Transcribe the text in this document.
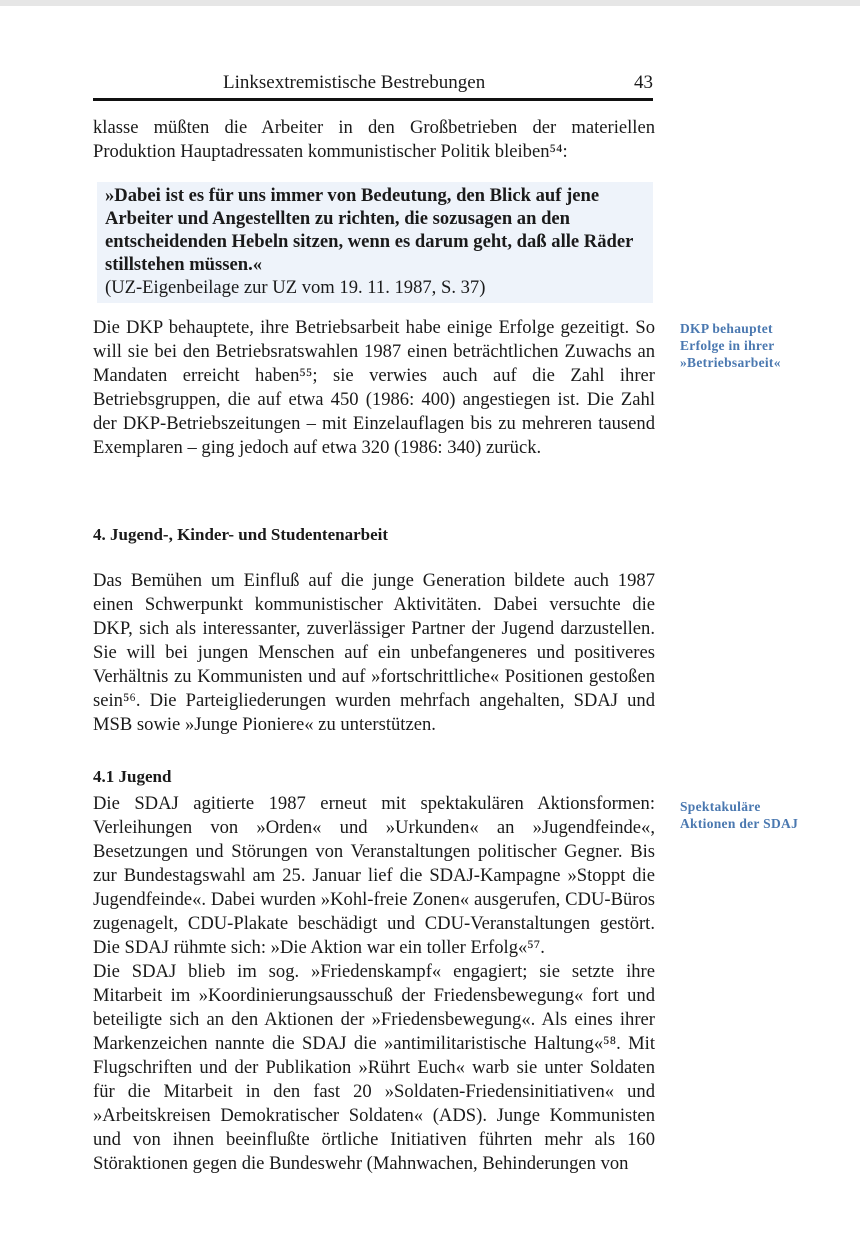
Linksextremistische Bestrebungen	43

klasse müßten die Arbeiter in den Großbetrieben der materiellen Produktion Hauptadressaten kommunistischer Politik bleiben⁵⁴:

»Dabei ist es für uns immer von Bedeutung, den Blick auf jene Arbeiter und Angestellten zu richten, die sozusagen an den entscheidenden Hebeln sitzen, wenn es darum geht, daß alle Räder stillstehen müssen.«
(UZ-Eigenbeilage zur UZ vom 19. 11. 1987, S. 37)

Die DKP behauptete, ihre Betriebsarbeit habe einige Erfolge gezeitigt. So will sie bei den Betriebsratswahlen 1987 einen beträchtlichen Zuwachs an Mandaten erreicht haben⁵⁵; sie verwies auch auf die Zahl ihrer Betriebsgruppen, die auf etwa 450 (1986: 400) angestiegen ist. Die Zahl der DKP-Betriebszeitungen – mit Einzelauflagen bis zu mehreren tausend Exemplaren – ging jedoch auf etwa 320 (1986: 340) zurück.

DKP behauptet
Erfolge in ihrer
»Betriebsarbeit«
4. Jugend-, Kinder- und Studentenarbeit

Das Bemühen um Einfluß auf die junge Generation bildete auch 1987 einen Schwerpunkt kommunistischer Aktivitäten. Dabei versuchte die DKP, sich als interessanter, zuverlässiger Partner der Jugend darzustellen. Sie will bei jungen Menschen auf ein unbefangeneres und positiveres Verhältnis zu Kommunisten und auf »fortschrittliche« Positionen gestoßen sein⁵⁶. Die Parteigliederungen wurden mehrfach angehalten, SDAJ und MSB sowie »Junge Pioniere« zu unterstützen.

4.1 Jugend

Die SDAJ agitierte 1987 erneut mit spektakulären Aktionsformen: Verleihungen von »Orden« und »Urkunden« an »Jugendfeinde«, Besetzungen und Störungen von Veranstaltungen politischer Gegner. Bis zur Bundestagswahl am 25. Januar lief die SDAJ-Kampagne »Stoppt die Jugendfeinde«. Dabei wurden »Kohl-freie Zonen« ausgerufen, CDU-Büros zugenagelt, CDU-Plakate beschädigt und CDU-Veranstaltungen gestört. Die SDAJ rühmte sich: »Die Aktion war ein toller Erfolg«⁵⁷.

Die SDAJ blieb im sog. »Friedenskampf« engagiert; sie setzte ihre Mitarbeit im »Koordinierungsausschuß der Friedensbewegung« fort und beteiligte sich an den Aktionen der »Friedensbewegung«. Als eines ihrer Markenzeichen nannte die SDAJ die »antimilitaristische Haltung«⁵⁸. Mit Flugschriften und der Publikation »Rührt Euch« warb sie unter Soldaten für die Mitarbeit in den fast 20 »Soldaten-Friedensinitiativen« und »Arbeitskreisen Demokratischer Soldaten« (ADS). Junge Kommunisten und von ihnen beeinflußte örtliche Initiativen führten mehr als 160 Störaktionen gegen die Bundeswehr (Mahnwachen, Behinderungen von

Spektakuläre
Aktionen der SDAJ
